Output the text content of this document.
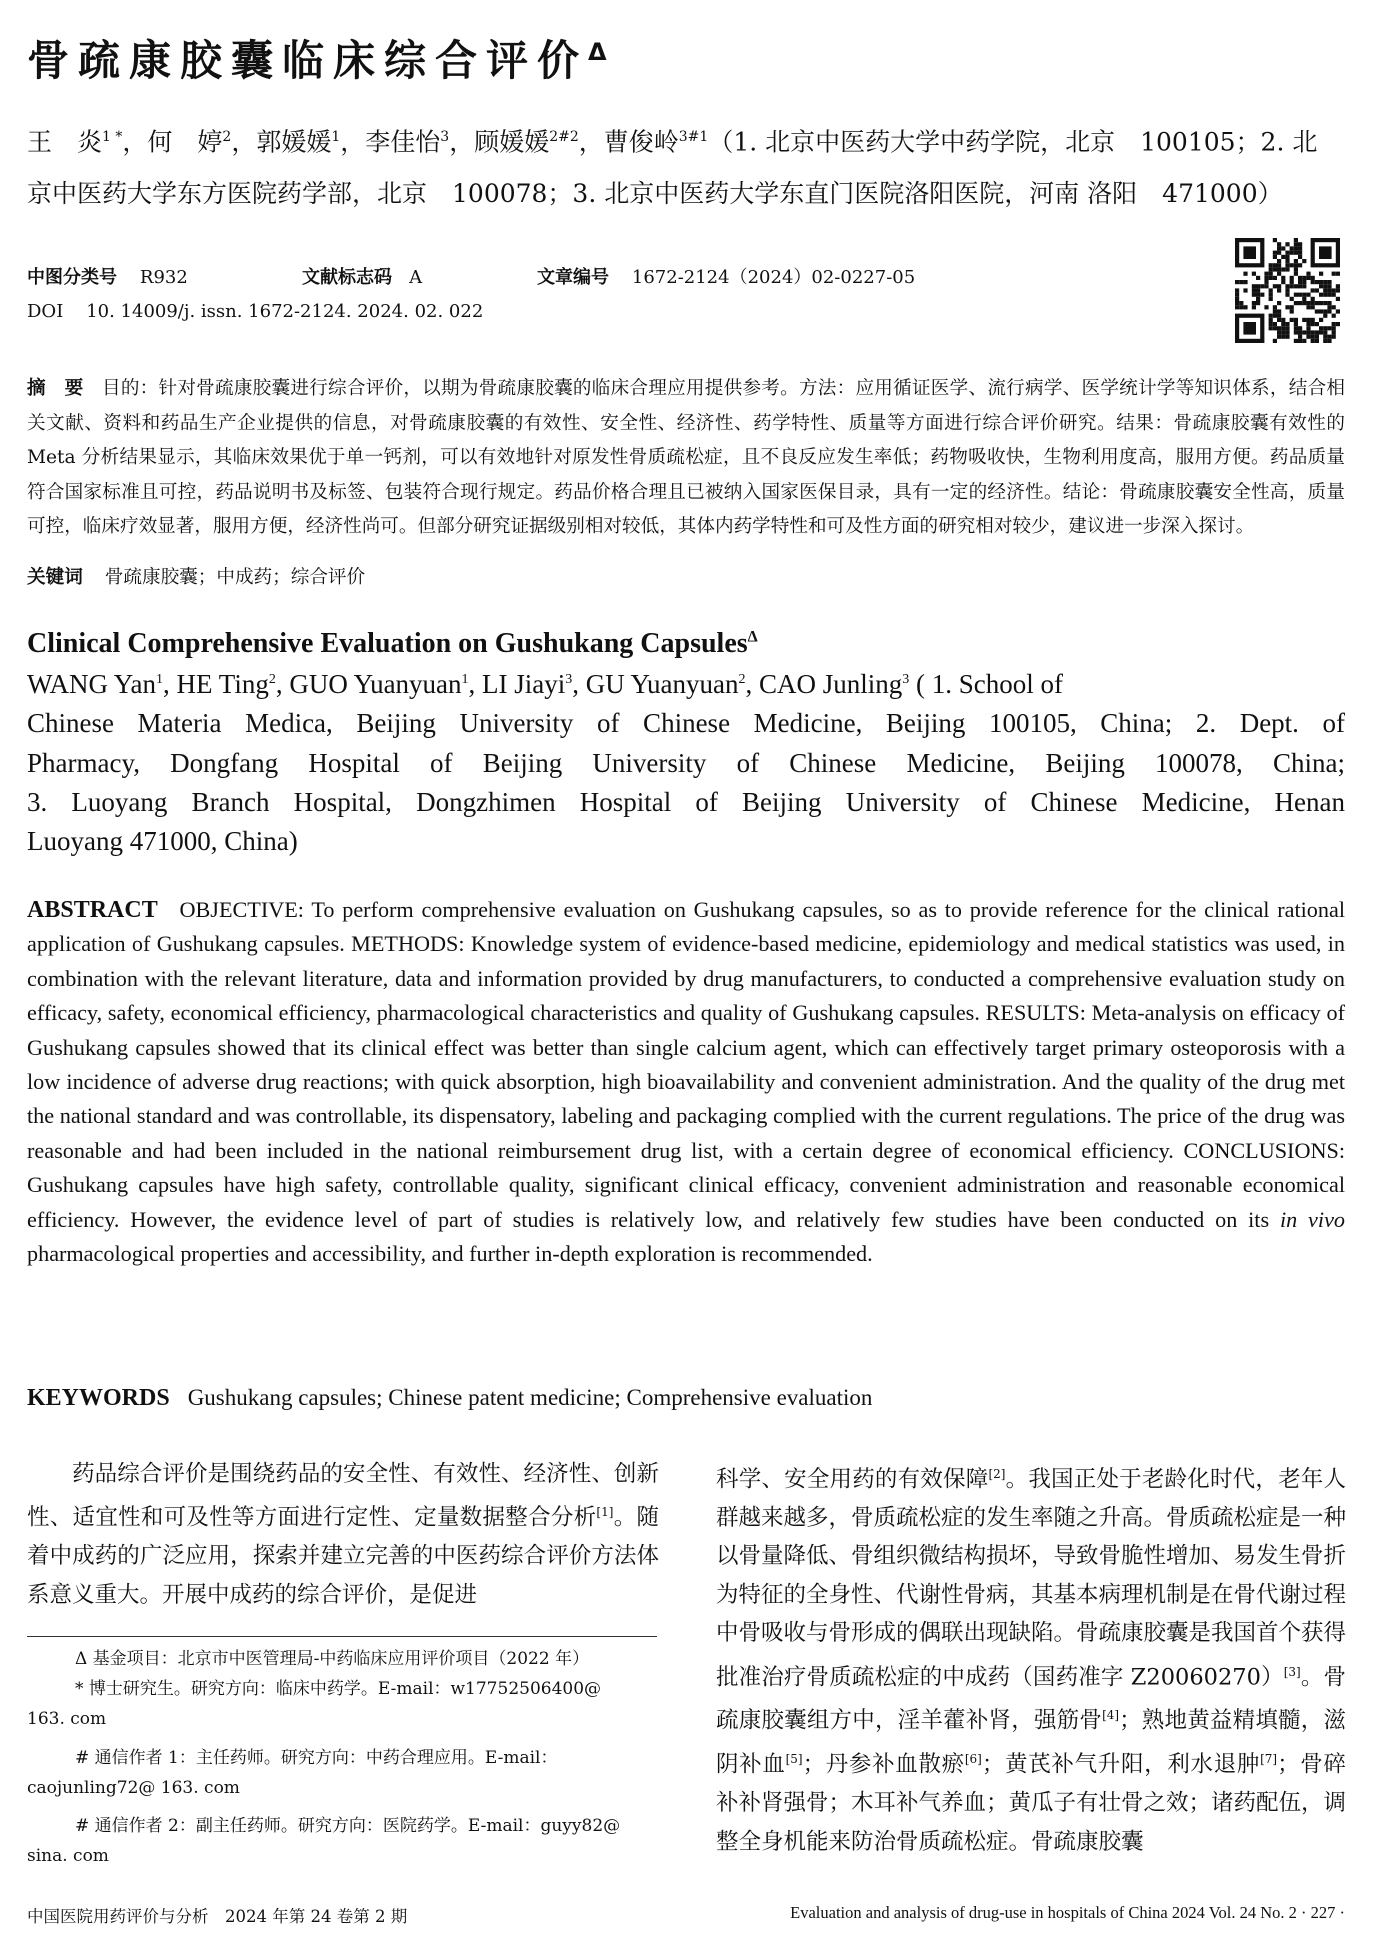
骨疏康胶囊临床综合评价$^\Delta$
王　炎$^{1 *}$，何　婷$^2$，郭媛媛$^1$，李佳怡$^3$，顾媛媛$^{2\#2}$，曹俊岭$^{3\#1}$（1. 北京中医药大学中药学院，北京　100105；2. 北
京中医药大学东方医院药学部，北京　100078；3. 北京中医药大学东直门医院洛阳医院，河南 洛阳　471000）
中图分类号 R932	文献标志码 A	文章编号 1672-2124（2024）02-0227-05
DOI 10. 14009/j. issn. 1672-2124. 2024. 02. 022
摘　要 目的：针对骨疏康胶囊进行综合评价，以期为骨疏康胶囊的临床合理应用提供参考。方法：应用循证医学、流行病学、医学统计学等知识体系，结合相关文献、资料和药品生产企业提供的信息，对骨疏康胶囊的有效性、安全性、经济性、药学特性、质量等方面进行综合评价研究。结果：骨疏康胶囊有效性的 Meta 分析结果显示，其临床效果优于单一钙剂，可以有效地针对原发性骨质疏松症，且不良反应发生率低；药物吸收快，生物利用度高，服用方便。药品质量符合国家标准且可控，药品说明书及标签、包装符合现行规定。药品价格合理且已被纳入国家医保目录，具有一定的经济性。结论：骨疏康胶囊安全性高，质量可控，临床疗效显著，服用方便，经济性尚可。但部分研究证据级别相对较低，其体内药学特性和可及性方面的研究相对较少，建议进一步深入探讨。
关键词 骨疏康胶囊；中成药；综合评价
Clinical Comprehensive Evaluation on Gushukang Capsules$^\Delta$
WANG Yan$^1$, HE Ting$^2$, GUO Yuanyuan$^1$, LI Jiayi$^3$, GU Yuanyuan$^2$, CAO Junling$^3$ ( 1. School of
Chinese Materia Medica, Beijing University of Chinese Medicine, Beijing 100105, China; 2. Dept. of
Pharmacy, Dongfang Hospital of Beijing University of Chinese Medicine, Beijing 100078, China;
3. Luoyang Branch Hospital, Dongzhimen Hospital of Beijing University of Chinese Medicine, Henan
Luoyang 471000, China)
ABSTRACT OBJECTIVE: To perform comprehensive evaluation on Gushukang capsules, so as to provide reference for the clinical rational application of Gushukang capsules. METHODS: Knowledge system of evidence-based medicine, epidemiology and medical statistics was used, in combination with the relevant literature, data and information provided by drug manufacturers, to conducted a comprehensive evaluation study on efficacy, safety, economical efficiency, pharmacological characteristics and quality of Gushukang capsules. RESULTS: Meta-analysis on efficacy of Gushukang capsules showed that its clinical effect was better than single calcium agent, which can effectively target primary osteoporosis with a low incidence of adverse drug reactions; with quick absorption, high bioavailability and convenient administration. And the quality of the drug met the national standard and was controllable, its dispensatory, labeling and packaging complied with the current regulations. The price of the drug was reasonable and had been included in the national reimbursement drug list, with a certain degree of economical efficiency. CONCLUSIONS: Gushukang capsules have high safety, controllable quality, significant clinical efficacy, convenient administration and reasonable economical efficiency. However, the evidence level of part of studies is relatively low, and relatively few studies have been conducted on its in vivo pharmacological properties and accessibility, and further in-depth exploration is recommended.
KEYWORDS Gushukang capsules; Chinese patent medicine; Comprehensive evaluation
药品综合评价是围绕药品的安全性、有效性、经济性、创新性、适宜性和可及性等方面进行定性、定量数据整合分析[1]。随着中成药的广泛应用，探索并建立完善的中医药综合评价方法体系意义重大。开展中成药的综合评价，是促进
Δ 基金项目：北京市中医管理局-中药临床应用评价项目（2022 年）
* 博士研究生。研究方向：临床中药学。E-mail：w17752506400@
163. com
# 通信作者 1：主任药师。研究方向：中药合理应用。E-mail：
caojunling72@ 163. com
# 通信作者 2：副主任药师。研究方向：医院药学。E-mail：guyy82@
sina. com
科学、安全用药的有效保障[2]。我国正处于老龄化时代，老年人群越来越多，骨质疏松症的发生率随之升高。骨质疏松症是一种以骨量降低、骨组织微结构损坏，导致骨脆性增加、易发生骨折为特征的全身性、代谢性骨病，其基本病理机制是在骨代谢过程中骨吸收与骨形成的偶联出现缺陷。骨疏康胶囊是我国首个获得批准治疗骨质疏松症的中成药（国药准字 Z20060270）[3]。骨疏康胶囊组方中，淫羊藿补肾，强筋骨[4]；熟地黄益精填髓，滋阴补血[5]；丹参补血散瘀[6]；黄芪补气升阳，利水退肿[7]；骨碎补补肾强骨；木耳补气养血；黄瓜子有壮骨之效；诸药配伍，调整全身机能来防治骨质疏松症。骨疏康胶囊
中国医院用药评价与分析　2024 年第 24 卷第 2 期	Evaluation and analysis of drug-use in hospitals of China 2024 Vol. 24 No. 2 · 227 ·
